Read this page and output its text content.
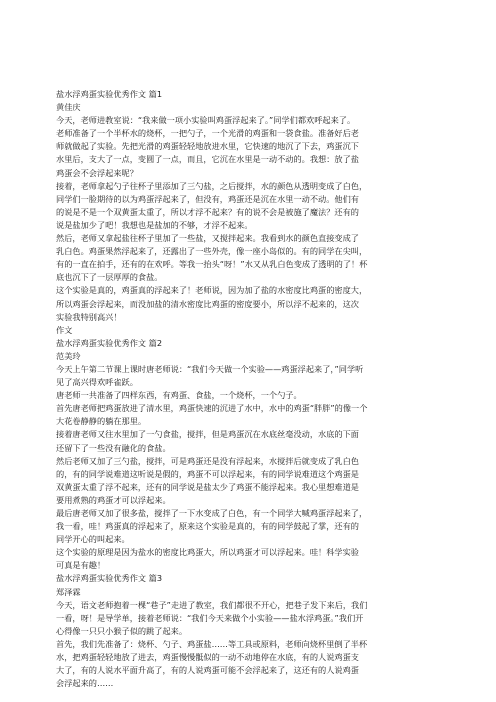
盐水浮鸡蛋实验优秀作文 篇1
黄佳庆
今天，老师进教室说：“我来做一项小实验叫鸡蛋浮起来了。”同学们都欢呼起来了。
老师准备了一个半杯水的烧杯，一把勺子，一个光滑的鸡蛋和一袋食盐。准备好后老
师就做起了实验。先把光滑的鸡蛋轻轻地放进水里，它快速的地沉了下去，鸡蛋沉下
水里后，支大了一点，变圆了一点，而且，它沉在水里是一动不动的。我想：放了盐
鸡蛋会不会浮起来呢？
接着，老师拿起勺子往杯子里添加了三勺盐，之后搅拌，水的颜色从透明变成了白色，
同学们一脸期待的以为鸡蛋浮起来了，但没有，鸡蛋还是沉在水里一动不动。他们有
的说是不是一个双黄蛋太重了，所以才浮不起来？有的说不会是被施了魔法？还有的
说是盐加少了吧！我想也是盐加的不够，才浮不起来。
然后，老师又拿起盐往杯子里加了一些盐，又搅拌起来。我看到水的颜色直接变成了
乳白色。鸡蛋果然浮起来了，还露出了一些外壳，像一座小岛似的。有的同学在尖叫，
有的一直在拍手，还有的在欢呼。等我一抬头“呀！”水又从乳白色变成了透明的了！杯
底也沉下了一层厚厚的食盐。
这个实验是真的，鸡蛋真的浮起来了！老师说，因为加了盐的水密度比鸡蛋的密度大，
所以鸡蛋会浮起来，而没加盐的清水密度比鸡蛋的密度要小，所以浮不起来的，这次
实验我特别高兴！
作文
盐水浮鸡蛋实验优秀作文 篇2
范美玲
今天上午第二节课上课时唐老师说：“我们今天做一个实验——鸡蛋浮起来了，”同学听
见了高兴得欢呼雀跃。
唐老师一共准备了四样东西，有鸡蛋、食盐，一个烧杯，一个勺子。
首先唐老师把鸡蛋放进了清水里，鸡蛋快速的沉进了水中，水中的鸡蛋“胖胖”的像一个
大花卷静静的躺在那里。
接着唐老师又往水里加了一勺食盐，搅拌，但是鸡蛋沉在水底丝毫没动，水底的下面
还留下了一些没有融化的食盐。
然后老师又加了三勺盐，搅拌，可是鸡蛋还是没有浮起来，水搅拌后就变成了乳白色
的，有的同学说难道这听说是假的，鸡蛋不可以浮起来，有的同学说难道这个鸡蛋是
双黄蛋太重了浮不起来，还有的同学说是盐太少了鸡蛋不能浮起来。我心里想难道是
要用煮熟的鸡蛋才可以浮起来。
最后唐老师又加了很多盐，搅拌了一下水变成了白色，有一个同学大喊鸡蛋浮起来了，
我一看，哇！鸡蛋真的浮起来了，原来这个实验是真的，有的同学鼓起了掌，还有的
同学开心的叫起来。
这个实验的原理是因为盐水的密度比鸡蛋大，所以鸡蛋才可以浮起来。哇！科学实验
可真是有趣！
盐水浮鸡蛋实验优秀作文 篇3
郑泽霖
今天，语文老师抱着一棵“巷子”走进了教室，我们都很不开心，把巷子发下来后，我们
一看，呀！是导学单，接着老师说：“我们今天来做个小实验——盐水浮鸡蛋。”我们开
心得像一只只小猴子似的跳了起来。
首先，我们先准备了：烧杯、勺子、鸡蛋盐……等工具或原料，老师向烧杯里倒了半杯
水，把鸡蛋轻轻地放了进去，鸡蛋慢慢骶似的一动不动地停在水底，有的人说鸡蛋支
大了，有的人说水平面升高了，有的人说鸡蛋可能不会浮起来了，这还有的人说鸡蛋
会浮起来的……
